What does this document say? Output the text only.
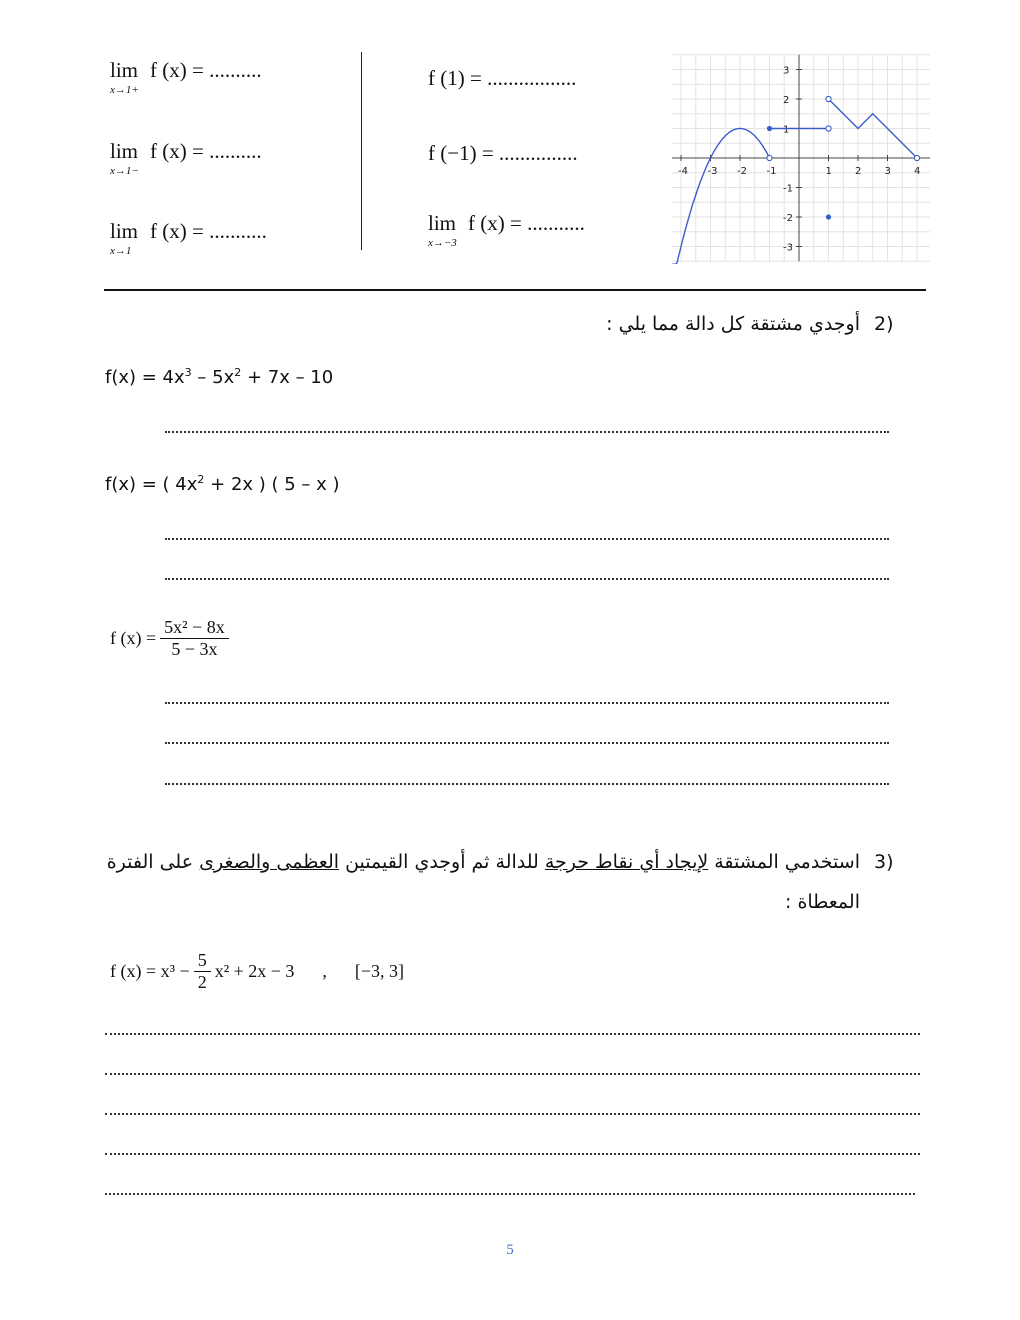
lim
x→1+
f (x) = ..........
lim
x→1−
f (x) = ..........
lim
x→1
f (x) = ...........
f (1) = .................
f (−1) = ...............
lim
x→−3
f (x) = ...........
-4 -3 -2 -1	1 2 3 4
3
2
1
-1
-2
-3
2)
أوجدي مشتقة كل دالة مما يلي :
$f(x) = 4x^3 - 5x^2 + 7x - 10$
f(x) = ( $4x^2 + 2x$ ) ( 5 – x )
f $(x) = \frac{\text{5x² − 8x}}{5 - 3x}$
3)
استخدمي المشتقة لإيجاد أي نقاط حرجة للدالة ثم أوجدي القيمتين العظمى والصغرى على الفترة
المعطاة :
f $(x) = x^3 - \frac{5}{2} x^2 + 2x - 3$ , [−3, 3]
5
